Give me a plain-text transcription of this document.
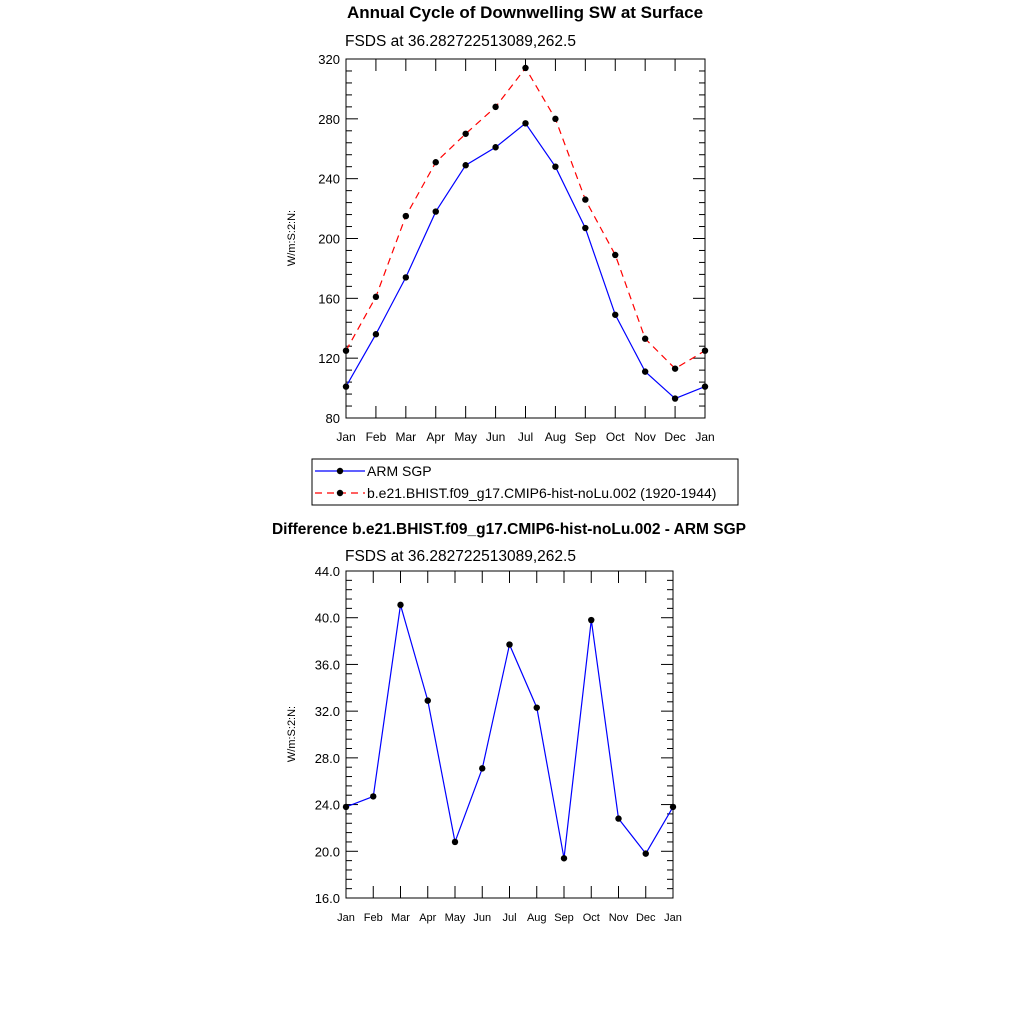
Annual Cycle of Downwelling SW at Surface
FSDS at 36.282722513089,262.5
W/m:S:2:N:
Difference b.e21.BHIST.f09_g17.CMIP6-hist-noLu.002 - ARM SGP
FSDS at 36.282722513089,262.5
W/m:S:2:N:
ARM SGP
b.e21.BHIST.f09_g17.CMIP6-hist-noLu.002 (1920-1944)
Jan Feb Mar Apr May Jun Jul Aug Sep Oct Nov Dec Jan
80
120
160
200
240
280
320
Jan Feb Mar Apr May Jun Jul Aug Sep Oct Nov Dec Jan
16.0
20.0
24.0
28.0
32.0
36.0
40.0
44.0
